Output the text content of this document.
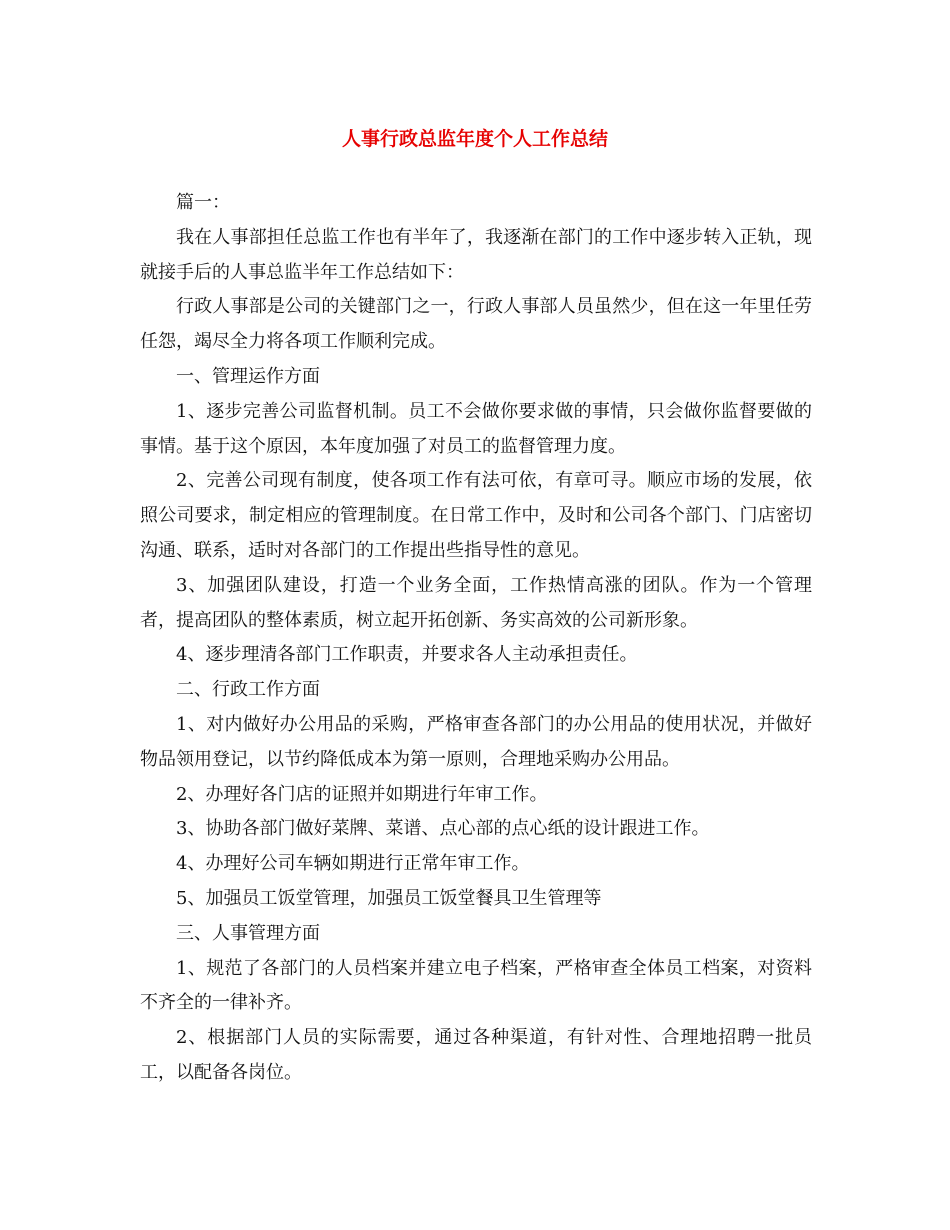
人事行政总监年度个人工作总结

篇一：

我在人事部担任总监工作也有半年了，我逐渐在部门的工作中逐步转入正轨，现就接手后的人事总监半年工作总结如下：

行政人事部是公司的关键部门之一，行政人事部人员虽然少，但在这一年里任劳任怨，竭尽全力将各项工作顺利完成。

一、管理运作方面

1、逐步完善公司监督机制。员工不会做你要求做的事情，只会做你监督要做的事情。基于这个原因，本年度加强了对员工的监督管理力度。

2、完善公司现有制度，使各项工作有法可依，有章可寻。顺应市场的发展，依照公司要求，制定相应的管理制度。在日常工作中，及时和公司各个部门、门店密切沟通、联系，适时对各部门的工作提出些指导性的意见。

3、加强团队建设，打造一个业务全面，工作热情高涨的团队。作为一个管理者，提高团队的整体素质，树立起开拓创新、务实高效的公司新形象。

4、逐步理清各部门工作职责，并要求各人主动承担责任。

二、行政工作方面

1、对内做好办公用品的采购，严格审查各部门的办公用品的使用状况，并做好物品领用登记，以节约降低成本为第一原则，合理地采购办公用品。

2、办理好各门店的证照并如期进行年审工作。

3、协助各部门做好菜牌、菜谱、点心部的点心纸的设计跟进工作。

4、办理好公司车辆如期进行正常年审工作。

5、加强员工饭堂管理，加强员工饭堂餐具卫生管理等

三、人事管理方面

1、规范了各部门的人员档案并建立电子档案，严格审查全体员工档案，对资料不齐全的一律补齐。

2、根据部门人员的实际需要，通过各种渠道，有针对性、合理地招聘一批员工，以配备各岗位。
